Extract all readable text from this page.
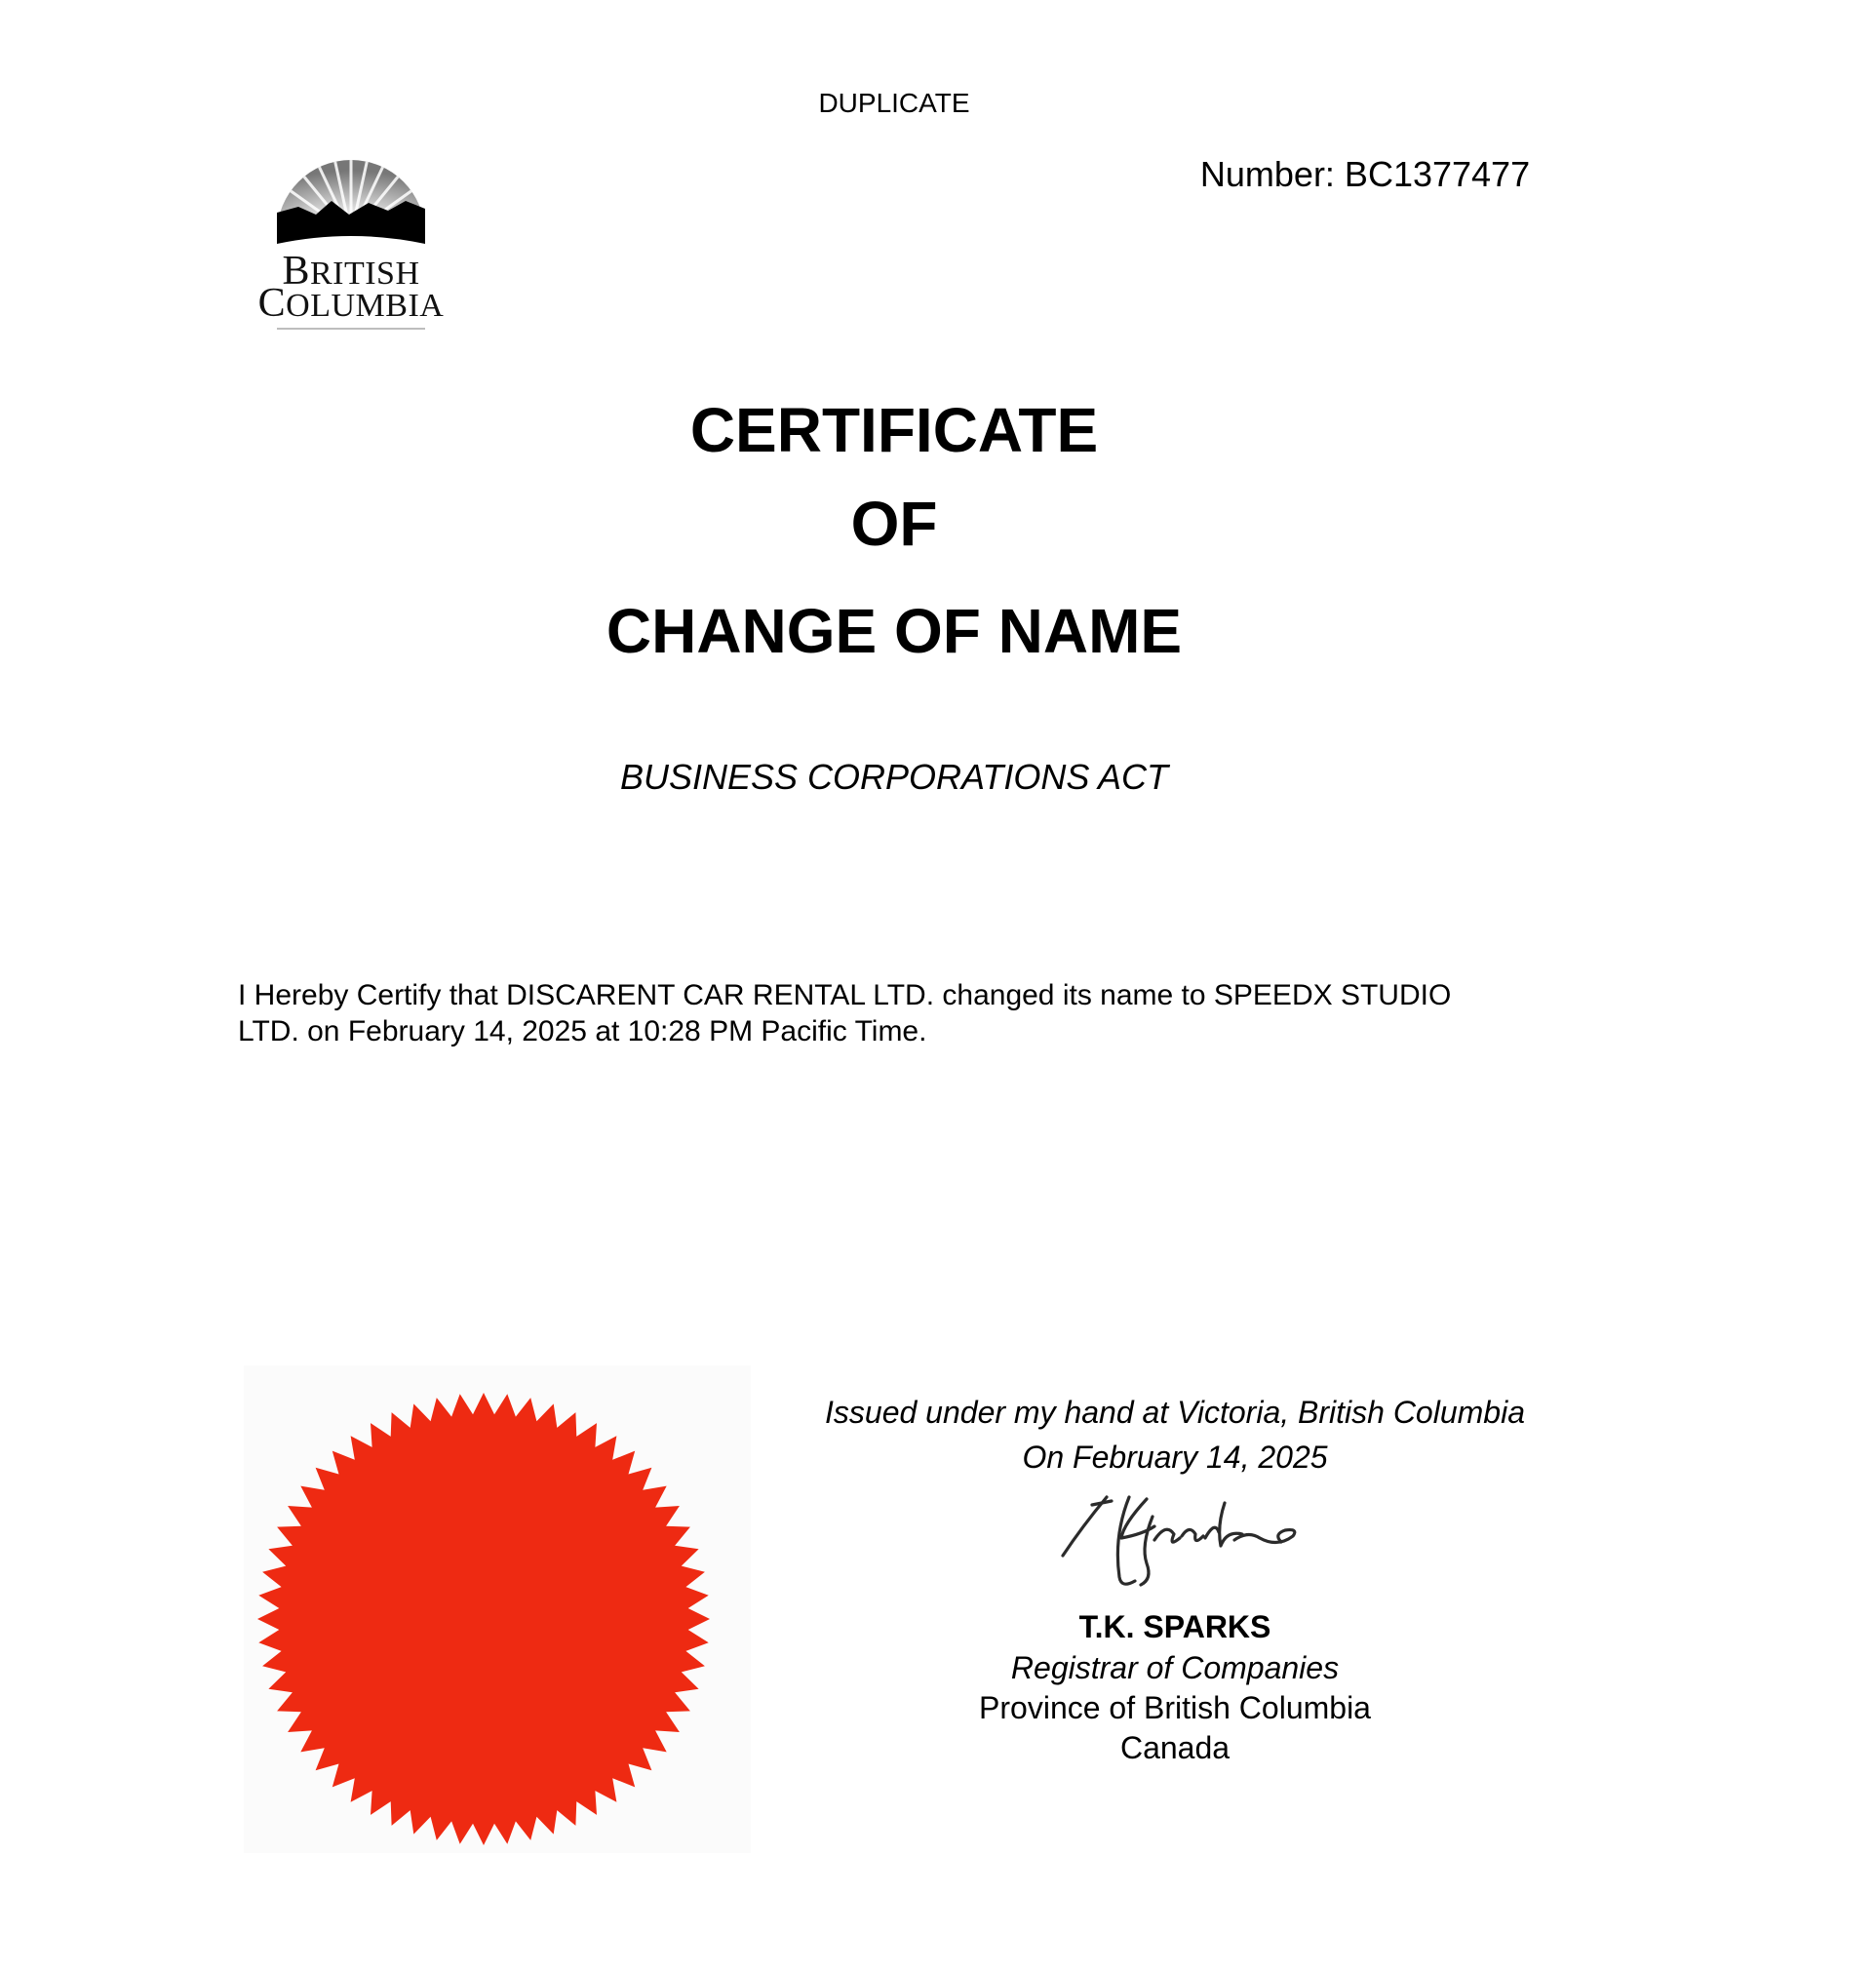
DUPLICATE
Number: BC1377477
BRITISH
COLUMBIA
CERTIFICATE
OF
CHANGE OF NAME
BUSINESS CORPORATIONS ACT
I Hereby Certify that DISCARENT CAR RENTAL LTD. changed its name to SPEEDX STUDIO
LTD. on February 14, 2025 at 10:28 PM Pacific Time.
Issued under my hand at Victoria, British Columbia
On February 14, 2025
T.K. SPARKS
Registrar of Companies
Province of British Columbia
Canada
